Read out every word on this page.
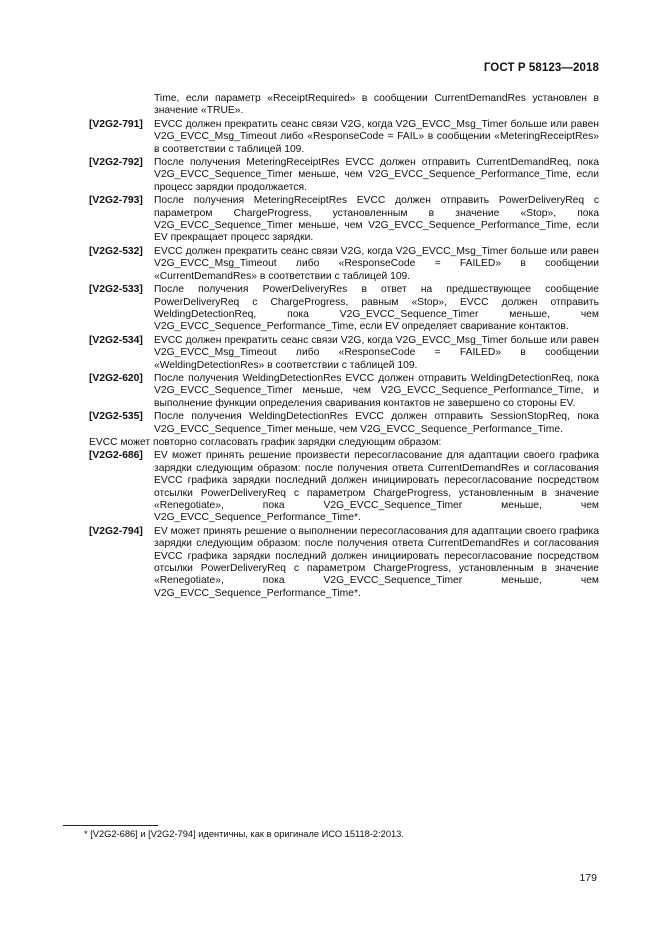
ГОСТ Р 58123—2018
Time, если параметр «ReceiptRequired» в сообщении CurrentDemandRes установлен в значение «TRUE».
[V2G2-791]	EVCC должен прекратить сеанс связи V2G, когда V2G_EVCC_Msg_Timer больше или равен V2G_EVCC_Msg_Timeout либо «ResponseCode = FAIL» в сообщении «MeteringReceiptRes» в соответствии с таблицей 109.
[V2G2-792]	После получения MeteringReceiptRes EVCC должен отправить CurrentDemandReq, пока V2G_EVCC_Sequence_Timer меньше, чем V2G_EVCC_Sequence_Performance_Time, если процесс зарядки продолжается.
[V2G2-793]	После получения MeteringReceiptRes EVCC должен отправить PowerDeliveryReq с параметром ChargeProgress, установленным в значение «Stop», пока V2G_EVCC_Sequence_Timer меньше, чем V2G_EVCC_Sequence_Performance_Time, если EV прекращает процесс зарядки.
[V2G2-532]	EVCC должен прекратить сеанс связи V2G, когда V2G_EVCC_Msg_Timer больше или равен V2G_EVCC_Msg_Timeout либо «ResponseCode = FAILED» в сообщении «CurrentDemandRes» в соответствии с таблицей 109.
[V2G2-533]	После получения PowerDeliveryRes в ответ на предшествующее сообщение PowerDeliveryReq с ChargeProgress, равным «Stop», EVCC должен отправить WeldingDetectionReq, пока V2G_EVCC_Sequence_Timer меньше, чем V2G_EVCC_Sequence_Performance_Time, если EV определяет сваривание контактов.
[V2G2-534]	EVCC должен прекратить сеанс связи V2G, когда V2G_EVCC_Msg_Timer больше или равен V2G_EVCC_Msg_Timeout либо «ResponseCode = FAILED» в сообщении «WeldingDetectionRes» в соответствии с таблицей 109.
[V2G2-620]	После получения WeldingDetectionRes EVCC должен отправить WeldingDetectionReq, пока V2G_EVCC_Sequence_Timer меньше, чем V2G_EVCC_Sequence_Performance_Time, и выполнение функции определения сваривания контактов не завершено со стороны EV.
[V2G2-535]	После получения WeldingDetectionRes EVCC должен отправить SessionStopReq, пока V2G_EVCC_Sequence_Timer меньше, чем V2G_EVCC_Sequence_Performance_Time.
EVCC может повторно согласовать график зарядки следующим образом:
[V2G2-686]	EV может принять решение произвести пересогласование для адаптации своего графика зарядки следующим образом: после получения ответа CurrentDemandRes и согласования EVCC графика зарядки последний должен инициировать пересогласование посредством отсылки PowerDeliveryReq с параметром ChargeProgress, установленным в значение «Renegotiate», пока V2G_EVCC_Sequence_Timer меньше, чем V2G_EVCC_Sequence_Performance_Time*.
[V2G2-794]	EV может принять решение о выполнении пересогласования для адаптации своего графика зарядки следующим образом: после получения ответа CurrentDemandRes и согласования EVCC графика зарядки последний должен инициировать пересогласование посредством отсылки PowerDeliveryReq с параметром ChargeProgress, установленным в значение «Renegotiate», пока V2G_EVCC_Sequence_Timer меньше, чем V2G_EVCC_Sequence_Performance_Time*.
* [V2G2-686] и [V2G2-794] идентичны, как в оригинале ИСО 15118-2:2013.
179
